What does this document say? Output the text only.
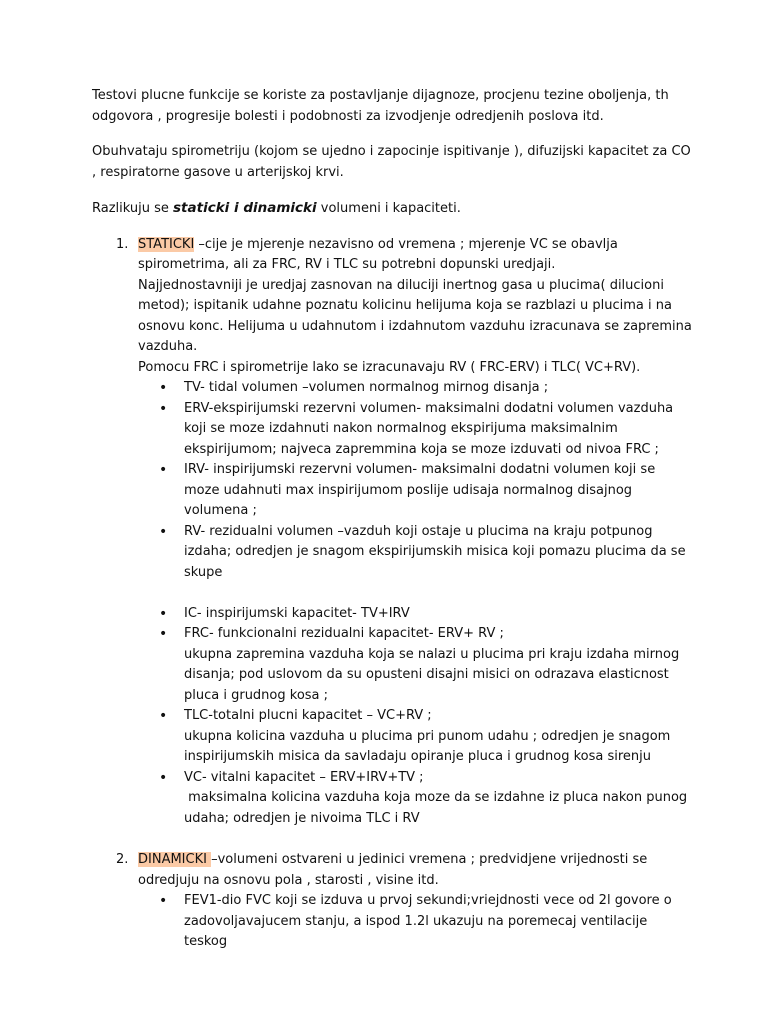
Testovi plucne funkcije se koriste za postavljanje dijagnoze, procjenu tezine oboljenja, th odgovora , progresije bolesti i podobnosti za izvodjenje odredjenih poslova itd.

Obuhvataju spirometriju (kojom se ujedno i zapocinje ispitivanje ), difuzijski kapacitet za CO , respiratorne gasove u arterijskoj krvi.

Razlikuju se staticki i dinamicki volumeni i kapaciteti.

1. STATICKI –cije je mjerenje nezavisno od vremena ; mjerenje VC se obavlja spirometrima, ali za FRC, RV i TLC su potrebni dopunski uredjaji.

Najjednostavniji je uredjaj zasnovan na diluciji inertnog gasa u plucima( dilucioni metod); ispitanik udahne poznatu kolicinu helijuma koja se razblazi u plucima i na osnovu konc. Helijuma u udahnutom i izdahnutom vazduhu izracunava se zapremina vazduha.

Pomocu FRC i spirometrije lako se izracunavaju RV ( FRC-ERV) i TLC( VC+RV).

• TV- tidal volumen –volumen normalnog mirnog disanja ;

• ERV-ekspirijumski rezervni volumen- maksimalni dodatni volumen vazduha koji se moze izdahnuti nakon normalnog ekspirijuma maksimalnim ekspirijumom; najveca zapremmina koja se moze izduvati od nivoa FRC ;

• IRV- inspirijumski rezervni volumen- maksimalni dodatni volumen koji se moze udahnuti max inspirijumom poslije udisaja normalnog disajnog volumena ;

• RV- rezidualni volumen –vazduh koji ostaje u plucima na kraju potpunog izdaha; odredjen je snagom ekspirijumskih misica koji pomazu plucima da se skupe

• IC- inspirijumski kapacitet- TV+IRV

• FRC- funkcionalni rezidualni kapacitet- ERV+ RV ;

ukupna zapremina vazduha koja se nalazi u plucima pri kraju izdaha mirnog disanja; pod uslovom da su opusteni disajni misici on odrazava elasticnost pluca i grudnog kosa ;

• TLC-totalni plucni kapacitet – VC+RV ;

ukupna kolicina vazduha u plucima pri punom udahu ; odredjen je snagom inspirijumskih misica da savladaju opiranje pluca i grudnog kosa sirenju

• VC- vitalni kapacitet – ERV+IRV+TV ;

maksimalna kolicina vazduha koja moze da se izdahne iz pluca nakon punog udaha; odredjen je nivoima TLC i RV

2. DINAMICKI –volumeni ostvareni u jedinici vremena ; predvidjene vrijednosti se odredjuju na osnovu pola , starosti , visine itd.

• FEV1-dio FVC koji se izduva u prvoj sekundi;vriejdnosti vece od 2l govore o zadovoljavajucem stanju, a ispod 1.2l ukazuju na poremecaj ventilacije teskog
